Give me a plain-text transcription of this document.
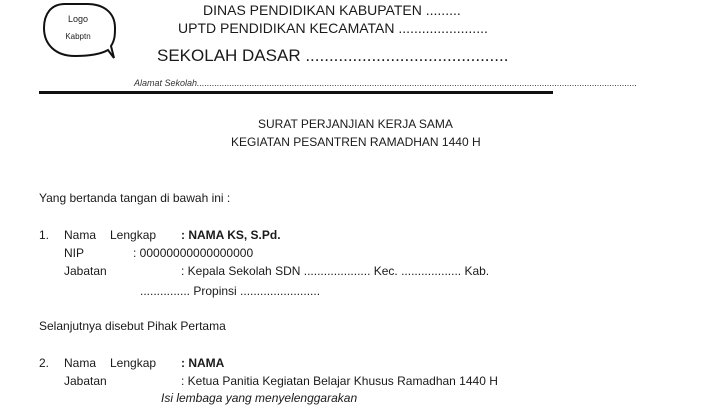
Logo
Kabptn
DINAS PENDIDIKAN KABUPATEN .........
UPTD PENDIDIKAN KECAMATAN .......................
SEKOLAH DASAR ...........................................
Alamat Sekolah................................................................................................................................................................................
SURAT PERJANJIAN KERJA SAMA
KEGIATAN PESANTREN RAMADHAN 1440 H
Yang bertanda tangan di bawah ini :
1. Nama Lengkap : NAMA KS, S.Pd.
NIP	: 00000000000000000
Jabatan	: Kepala Sekolah SDN .................... Kec. .................. Kab.
............... Propinsi ........................
Selanjutnya disebut Pihak Pertama
2. Nama Lengkap : NAMA
Jabatan	: Ketua Panitia Kegiatan Belajar Khusus Ramadhan 1440 H
Isi lembaga yang menyelenggarakan
